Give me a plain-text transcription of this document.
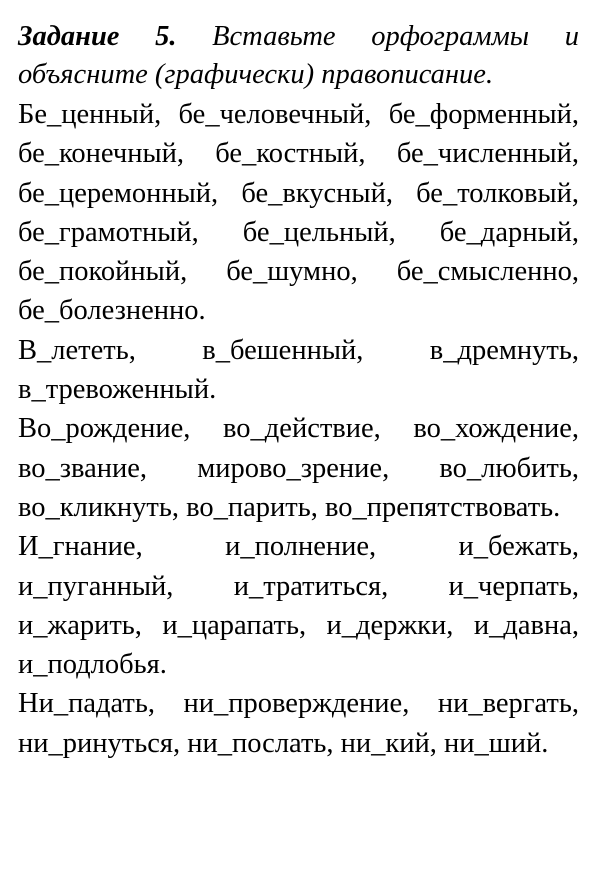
Задание 5. Вставьте орфограммы и объясните (графически) правописание.

Бе_ценный, бе_человечный, бе_форменный, бе_конечный, бе_костный, бе_численный, бе_церемонный, бе_вкусный, бе_толковый, бе_грамотный, бе_цельный, бе_дарный, бе_покойный, бе_шумно, бе_смысленно, бе_болезненно.

В_лететь, в_бешенный, в_дремнуть, в_тревоженный.

Во_рождение, во_действие, во_хождение, во_звание, мирово_зрение, во_любить, во_кликнуть, во_парить, во_препятствовать.

И_гнание, и_полнение, и_бежать, и_пуганный, и_тратиться, и_черпать, и_жарить, и_царапать, и_держки, и_давна, и_подлобья.

Ни_падать, ни_проверждение, ни_вергать, ни_ринуться, ни_послать, ни_кий, ни_ший.
